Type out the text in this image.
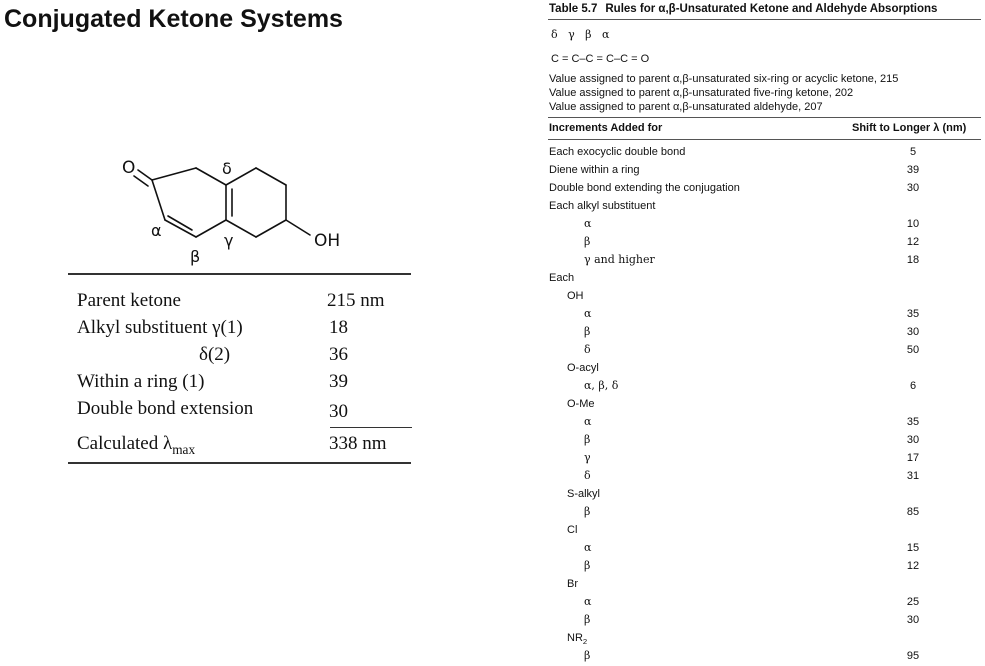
Conjugated Ketone Systems
O
OH
α
β
γ
δ
Parent ketone	215 nm
Alkyl substituent γ(1)	18
δ(2)	36
Within a ring (1)	39
Double bond extension	30
Calculated $\lambda_{max}$	338 nm
Table 5.7 Rules for α,β-Unsaturated Ketone and Aldehyde Absorptions
δ   γ   β   α
C = C–C = C–C = O
Value assigned to parent α,β-unsaturated six-ring or acyclic ketone, 215
Value assigned to parent α,β-unsaturated five-ring ketone, 202
Value assigned to parent α,β-unsaturated aldehyde, 207
Increments Added for	Shift to Longer λ (nm)
Each exocyclic double bond	5
Diene within a ring	39
Double bond extending the conjugation	30
Each alkyl substituent
α	10
β	12
γ and higher	18
Each
OH
α	35
β	30
δ	50
O-acyl
α, β, δ	6
O-Me
α	35
β	30
γ	17
δ	31
S-alkyl
β	85
Cl
α	15
β	12
Br
α	25
β	30
$NR_2$
β	95
